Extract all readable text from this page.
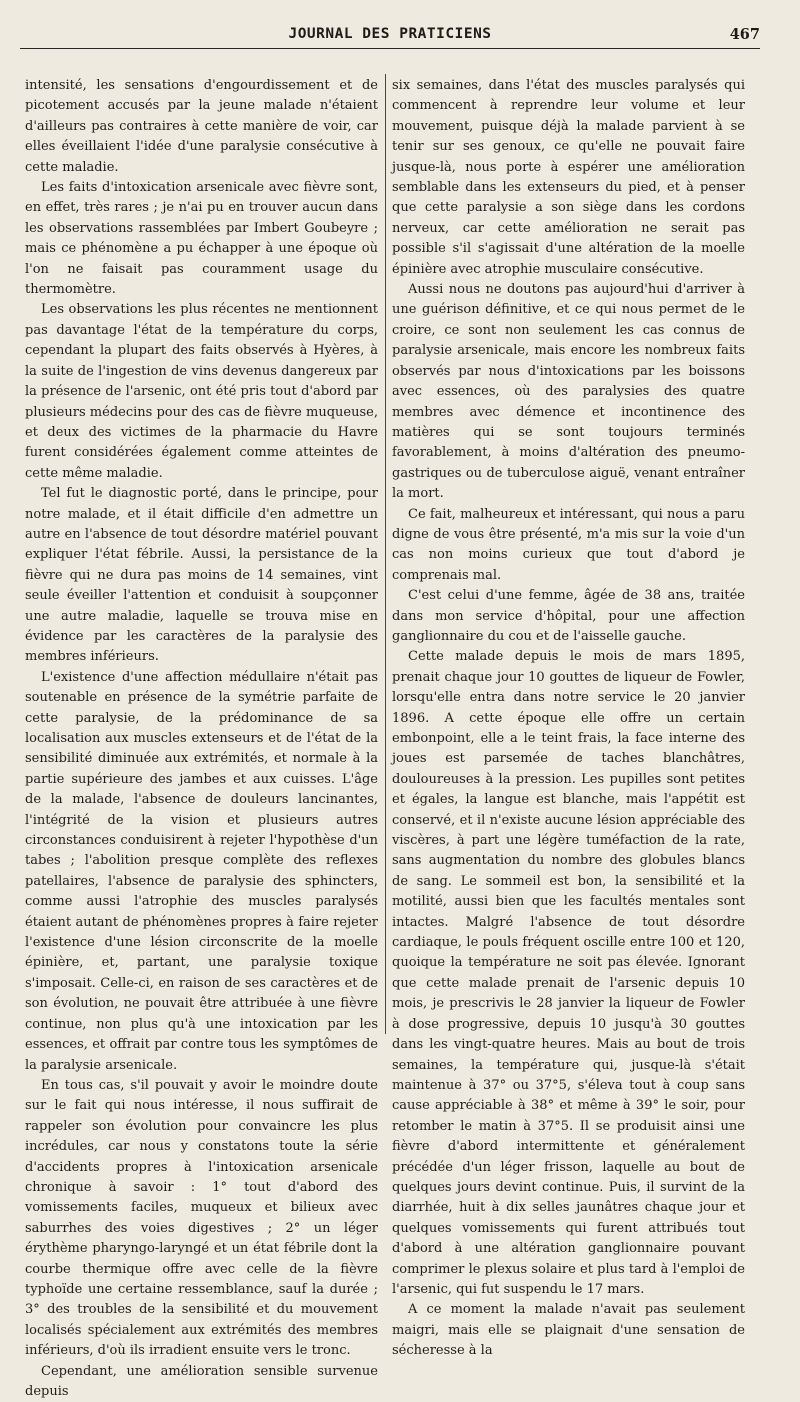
JOURNAL DES PRATICIENS	467

intensité, les sensations d'engourdissement et de picotement accusés par la jeune malade n'étaient d'ailleurs pas contraires à cette manière de voir, car elles éveillaient l'idée d'une paralysie consécutive à cette maladie.

Les faits d'intoxication arsenicale avec fièvre sont, en effet, très rares ; je n'ai pu en trouver aucun dans les observations rassemblées par Imbert Goubeyre ; mais ce phénomène a pu échapper à une époque où l'on ne faisait pas couramment usage du thermomètre.

Les observations les plus récentes ne mentionnent pas davantage l'état de la température du corps, cependant la plupart des faits observés à Hyères, à la suite de l'ingestion de vins devenus dangereux par la présence de l'arsenic, ont été pris tout d'abord par plusieurs médecins pour des cas de fièvre muqueuse, et deux des victimes de la pharmacie du Havre furent considérées également comme atteintes de cette même maladie.

Tel fut le diagnostic porté, dans le principe, pour notre malade, et il était difficile d'en admettre un autre en l'absence de tout désordre matériel pouvant expliquer l'état fébrile. Aussi, la persistance de la fièvre qui ne dura pas moins de 14 semaines, vint seule éveiller l'attention et conduisit à soupçonner une autre maladie, laquelle se trouva mise en évidence par les caractères de la paralysie des membres inférieurs.

L'existence d'une affection médullaire n'était pas soutenable en présence de la symétrie parfaite de cette paralysie, de la prédominance de sa localisation aux muscles extenseurs et de l'état de la sensibilité diminuée aux extrémités, et normale à la partie supérieure des jambes et aux cuisses. L'âge de la malade, l'absence de douleurs lancinantes, l'intégrité de la vision et plusieurs autres circonstances conduisirent à rejeter l'hypothèse d'un tabes ; l'abolition presque complète des reflexes patellaires, l'absence de paralysie des sphincters, comme aussi l'atrophie des muscles paralysés étaient autant de phénomènes propres à faire rejeter l'existence d'une lésion circonscrite de la moelle épinière, et, partant, une paralysie toxique s'imposait. Celle-ci, en raison de ses caractères et de son évolution, ne pouvait être attribuée à une fièvre continue, non plus qu'à une intoxication par les essences, et offrait par contre tous les symptômes de la paralysie arsenicale.

En tous cas, s'il pouvait y avoir le moindre doute sur le fait qui nous intéresse, il nous suffirait de rappeler son évolution pour convaincre les plus incrédules, car nous y constatons toute la série d'accidents propres à l'intoxication arsenicale chronique à savoir : 1° tout d'abord des vomissements faciles, muqueux et bilieux avec saburrhes des voies digestives ; 2° un léger érythème pharyngo-laryngé et un état fébrile dont la courbe thermique offre avec celle de la fièvre typhoïde une certaine ressemblance, sauf la durée ; 3° des troubles de la sensibilité et du mouvement localisés spécialement aux extrémités des membres inférieurs, d'où ils irradient ensuite vers le tronc.

Cependant, une amélioration sensible survenue depuis

six semaines, dans l'état des muscles paralysés qui commencent à reprendre leur volume et leur mouvement, puisque déjà la malade parvient à se tenir sur ses genoux, ce qu'elle ne pouvait faire jusque-là, nous porte à espérer une amélioration semblable dans les extenseurs du pied, et à penser que cette paralysie a son siège dans les cordons nerveux, car cette amélioration ne serait pas possible s'il s'agissait d'une altération de la moelle épinière avec atrophie musculaire consécutive.

Aussi nous ne doutons pas aujourd'hui d'arriver à une guérison définitive, et ce qui nous permet de le croire, ce sont non seulement les cas connus de paralysie arsenicale, mais encore les nombreux faits observés par nous d'intoxications par les boissons avec essences, où des paralysies des quatre membres avec démence et incontinence des matières qui se sont toujours terminés favorablement, à moins d'altération des pneumo-gastriques ou de tuberculose aiguë, venant entraîner la mort.

Ce fait, malheureux et intéressant, qui nous a paru digne de vous être présenté, m'a mis sur la voie d'un cas non moins curieux que tout d'abord je comprenais mal.

C'est celui d'une femme, âgée de 38 ans, traitée dans mon service d'hôpital, pour une affection ganglionnaire du cou et de l'aisselle gauche.

Cette malade depuis le mois de mars 1895, prenait chaque jour 10 gouttes de liqueur de Fowler, lorsqu'elle entra dans notre service le 20 janvier 1896. A cette époque elle offre un certain embonpoint, elle a le teint frais, la face interne des joues est parsemée de taches blanchâtres, douloureuses à la pression. Les pupilles sont petites et égales, la langue est blanche, mais l'appétit est conservé, et il n'existe aucune lésion appréciable des viscères, à part une légère tuméfaction de la rate, sans augmentation du nombre des globules blancs de sang. Le sommeil est bon, la sensibilité et la motilité, aussi bien que les facultés mentales sont intactes. Malgré l'absence de tout désordre cardiaque, le pouls fréquent oscille entre 100 et 120, quoique la température ne soit pas élevée. Ignorant que cette malade prenait de l'arsenic depuis 10 mois, je prescrivis le 28 janvier la liqueur de Fowler à dose progressive, depuis 10 jusqu'à 30 gouttes dans les vingt-quatre heures. Mais au bout de trois semaines, la température qui, jusque-là s'était maintenue à 37° ou 37°5, s'éleva tout à coup sans cause appréciable à 38° et même à 39° le soir, pour retomber le matin à 37°5. Il se produisit ainsi une fièvre d'abord intermittente et généralement précédée d'un léger frisson, laquelle au bout de quelques jours devint continue. Puis, il survint de la diarrhée, huit à dix selles jaunâtres chaque jour et quelques vomissements qui furent attribués tout d'abord à une altération ganglionnaire pouvant comprimer le plexus solaire et plus tard à l'emploi de l'arsenic, qui fut suspendu le 17 mars.

A ce moment la malade n'avait pas seulement maigri, mais elle se plaignait d'une sensation de sécheresse à la
